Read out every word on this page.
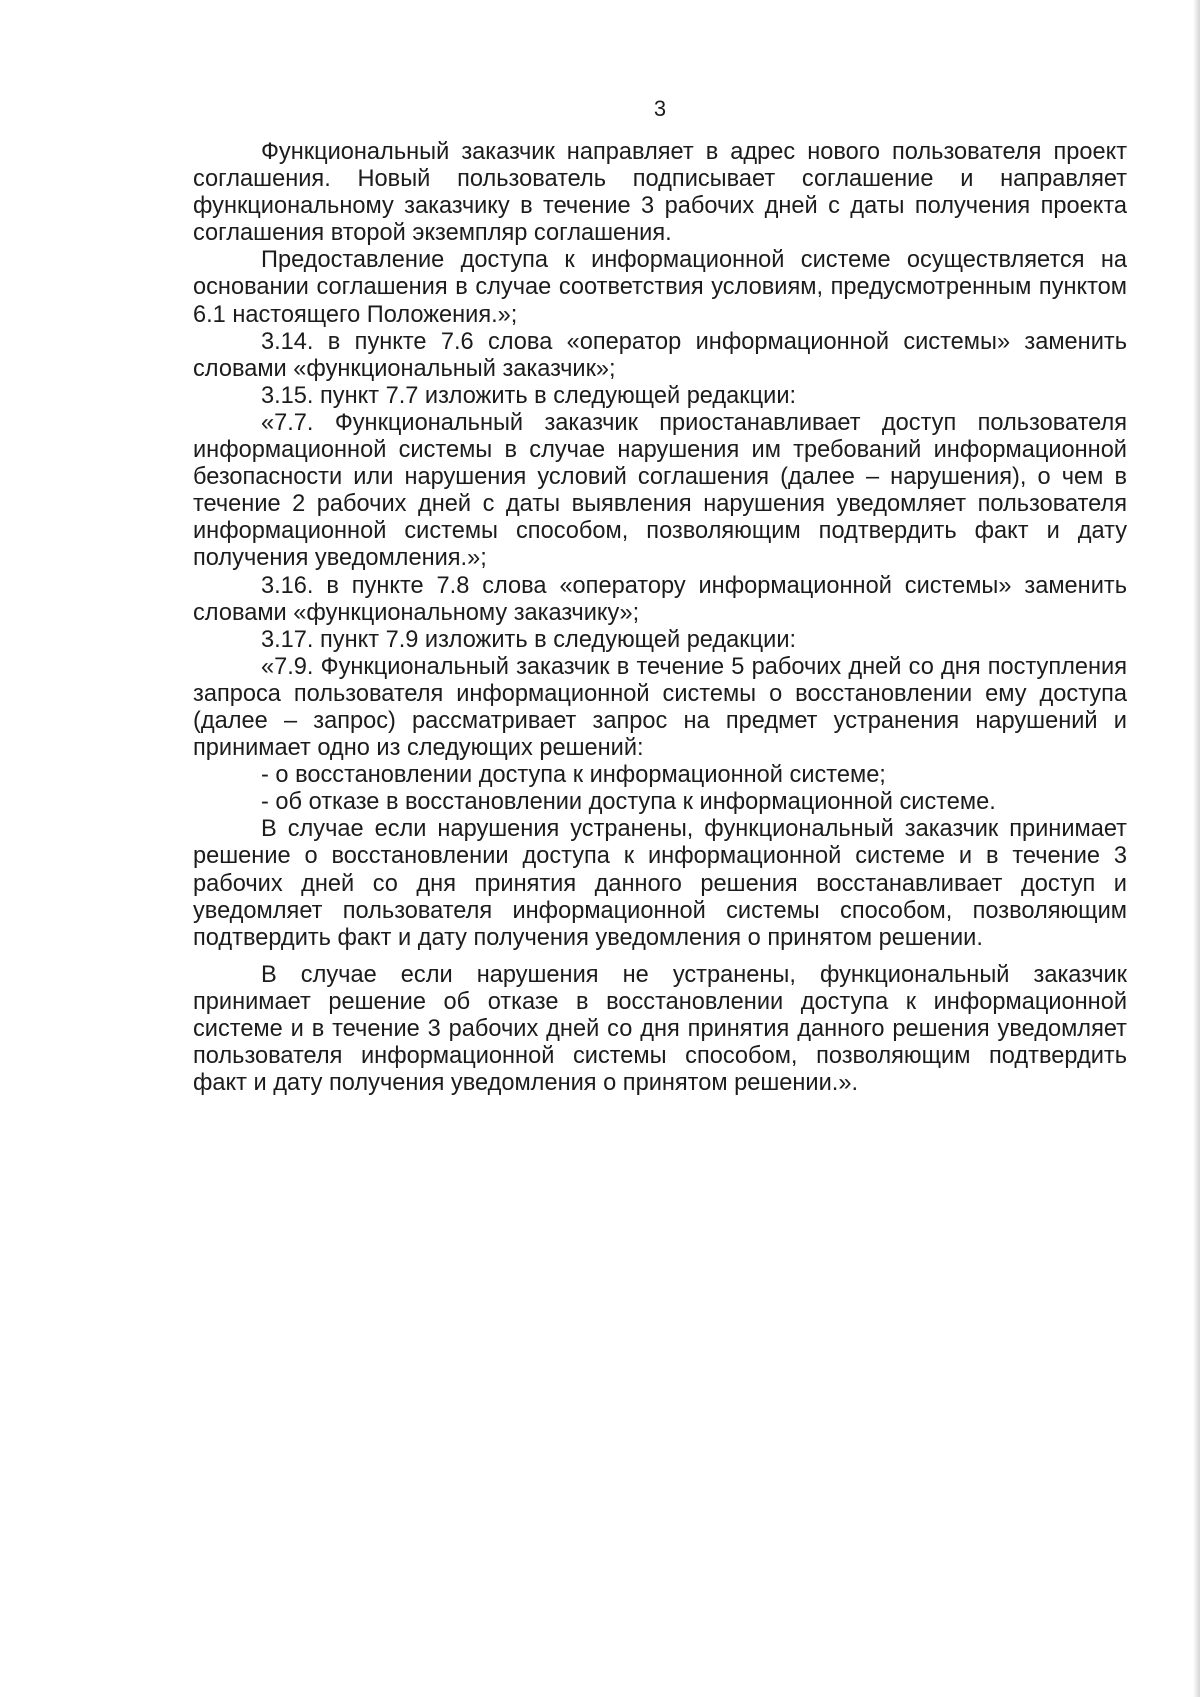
3

Функциональный заказчик направляет в адрес нового пользователя проект соглашения. Новый пользователь подписывает соглашение и направляет функциональному заказчику в течение 3 рабочих дней с даты получения проекта соглашения второй экземпляр соглашения.

Предоставление доступа к информационной системе осуществляется на основании соглашения в случае соответствия условиям, предусмотренным пунктом 6.1 настоящего Положения.»;

3.14. в пункте 7.6 слова «оператор информационной системы» заменить словами «функциональный заказчик»;

3.15. пункт 7.7 изложить в следующей редакции:

«7.7. Функциональный заказчик приостанавливает доступ пользователя информационной системы в случае нарушения им требований информационной безопасности или нарушения условий соглашения (далее – нарушения), о чем в течение 2 рабочих дней с даты выявления нарушения уведомляет пользователя информационной системы способом, позволяющим подтвердить факт и дату получения уведомления.»;

3.16. в пункте 7.8 слова «оператору информационной системы» заменить словами «функциональному заказчику»;

3.17. пункт 7.9 изложить в следующей редакции:

«7.9. Функциональный заказчик в течение 5 рабочих дней со дня поступления запроса пользователя информационной системы о восстановлении ему доступа (далее – запрос) рассматривает запрос на предмет устранения нарушений и принимает одно из следующих решений:

- о восстановлении доступа к информационной системе;

- об отказе в восстановлении доступа к информационной системе.

В случае если нарушения устранены, функциональный заказчик принимает решение о восстановлении доступа к информационной системе и в течение 3 рабочих дней со дня принятия данного решения восстанавливает доступ и уведомляет пользователя информационной системы способом, позволяющим подтвердить факт и дату получения уведомления о принятом решении.

В случае если нарушения не устранены, функциональный заказчик принимает решение об отказе в восстановлении доступа к информационной системе и в течение 3 рабочих дней со дня принятия данного решения уведомляет пользователя информационной системы способом, позволяющим подтвердить факт и дату получения уведомления о принятом решении.».
